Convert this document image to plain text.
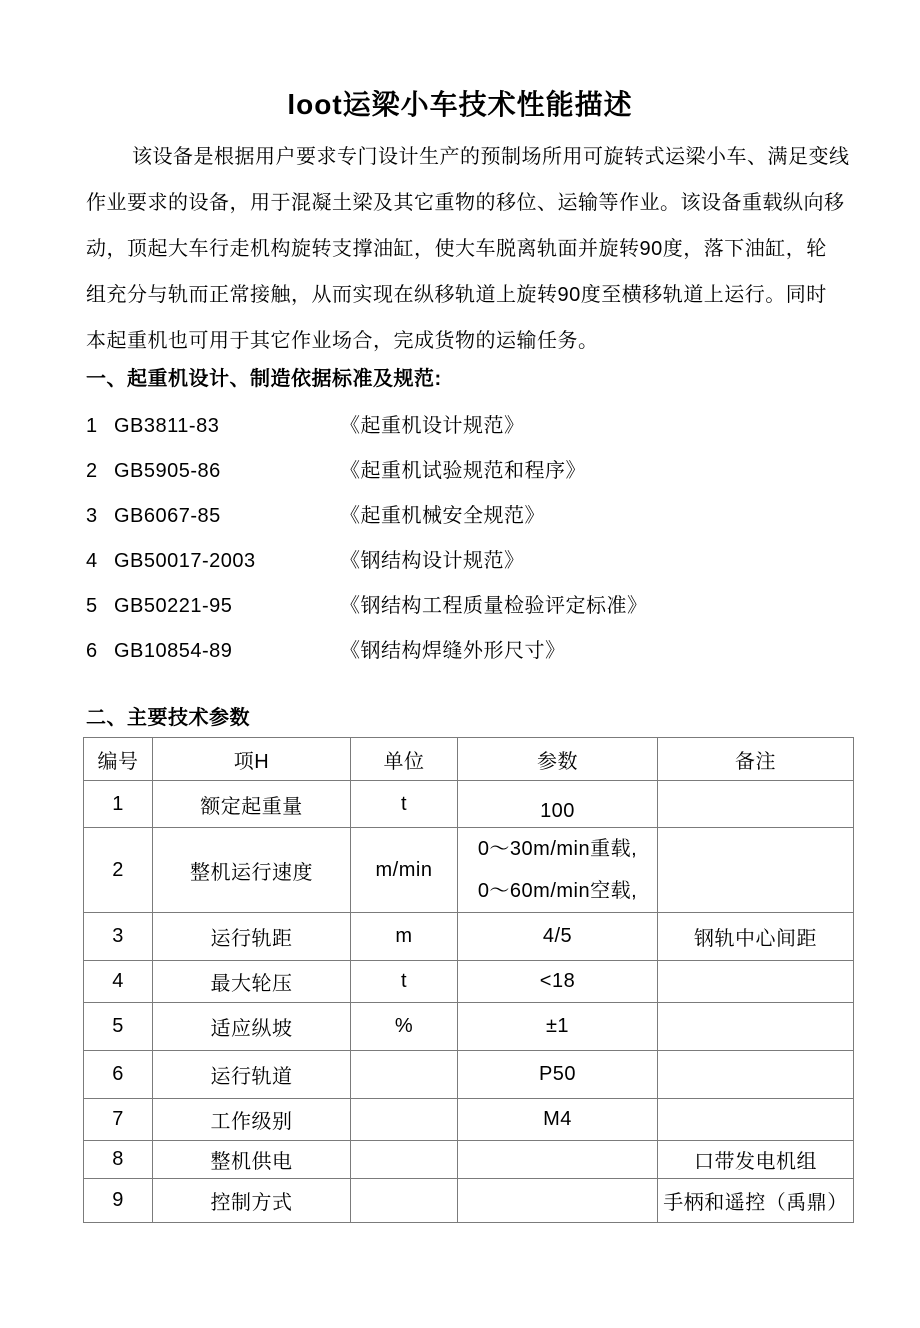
loot运梁小车技术性能描述
该设备是根据用户要求专门设计生产的预制场所用可旋转式运梁小车、满足变线
作业要求的设备，用于混凝土梁及其它重物的移位、运输等作业。该设备重载纵向移
动，顶起大车行走机构旋转支撑油缸，使大车脱离轨面并旋转90度，落下油缸，轮
组充分与轨而正常接触，从而实现在纵移轨道上旋转90度至横移轨道上运行。同时
本起重机也可用于其它作业场合，完成货物的运输任务。
一、起重机设计、制造依据标准及规范:
1 GB3811-83	《起重机设计规范》
2 GB5905-86	《起重机试验规范和程序》
3 GB6067-85	《起重机械安全规范》
4 GB50017-2003	《钢结构设计规范》
5 GB50221-95	《钢结构工程质量检验评定标准》
6 GB10854-89	《钢结构焊缝外形尺寸》
二、主要技术参数
编号	项H	单位	参数	备注
1	额定起重量	t	100	
2	整机运行速度	m/min	0～30m/min重载,
0～60m/min空载,	

3	运行轨距	m	4/5	钢轨中心间距
4	最大轮压	t	<18	
5	适应纵坡	%	±1	
6	运行轨道		P50	
7	工作级别		M4	
8	整机供电			口带发电机组
9	控制方式			手柄和遥控（禹鼎）
